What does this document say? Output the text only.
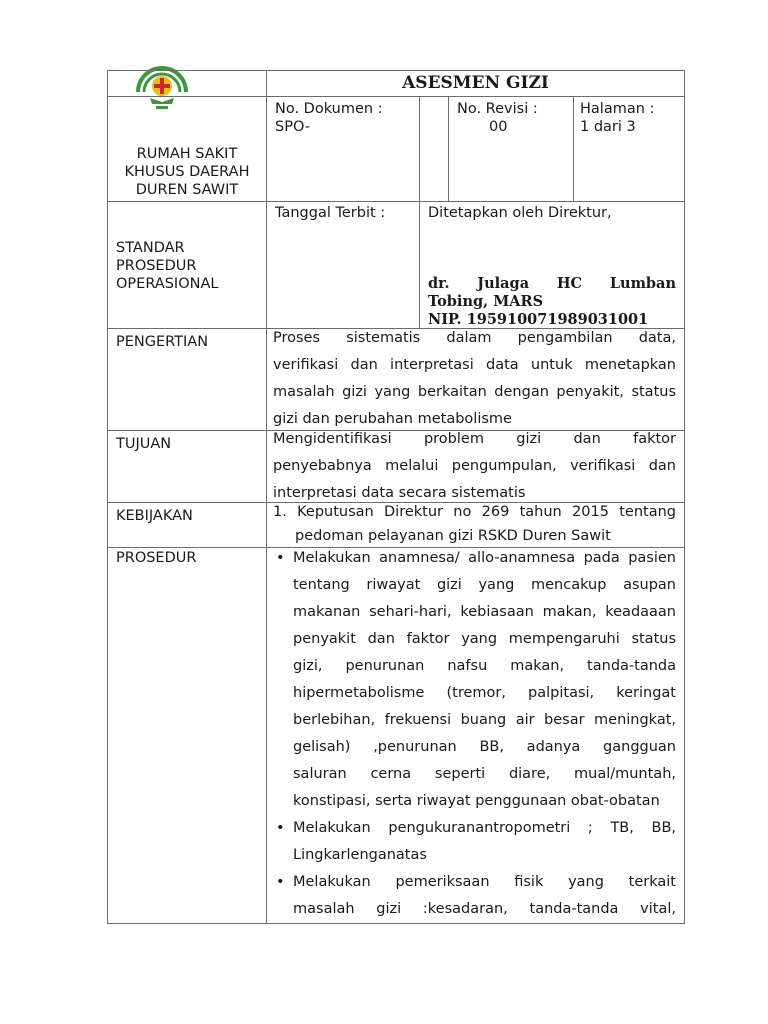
ASESMEN GIZI
RUMAH SAKIT
KHUSUS DAERAH
DUREN SAWIT
No. Dokumen :
SPO-
No. Revisi :
00
Halaman :
1 dari 3
STANDAR
PROSEDUR
OPERASIONAL
Tanggal Terbit :	Ditetapkan oleh Direktur,
dr. Julaga HC Lumban
Tobing, MARS
NIP. 195910071989031001
PENGERTIAN	Proses sistematis dalam pengambilan data,
verifikasi dan interpretasi data untuk menetapkan
masalah gizi yang berkaitan dengan penyakit, status
gizi dan perubahan metabolisme
TUJUAN	Mengidentifikasi problem gizi dan faktor
penyebabnya melalui pengumpulan, verifikasi dan
interpretasi data secara sistematis
KEBIJAKAN	1. Keputusan Direktur no 269 tahun 2015 tentang
pedoman pelayanan gizi RSKD Duren Sawit
PROSEDUR
•	Melakukan anamnesa/ allo-anamnesa pada pasien
tentang riwayat gizi yang mencakup asupan
makanan sehari-hari, kebiasaan makan, keadaaan
penyakit dan faktor yang mempengaruhi status
gizi, penurunan nafsu makan, tanda-tanda
hipermetabolisme (tremor, palpitasi, keringat
berlebihan, frekuensi buang air besar meningkat,
gelisah) ,penurunan BB, adanya gangguan
saluran cerna seperti diare, mual/muntah,
konstipasi, serta riwayat penggunaan obat-obatan
• Melakukan pengukuranantropometri ; TB, BB,
Lingkarlenganatas
• Melakukan pemeriksaan fisik yang terkait
masalah gizi :kesadaran, tanda-tanda vital,
